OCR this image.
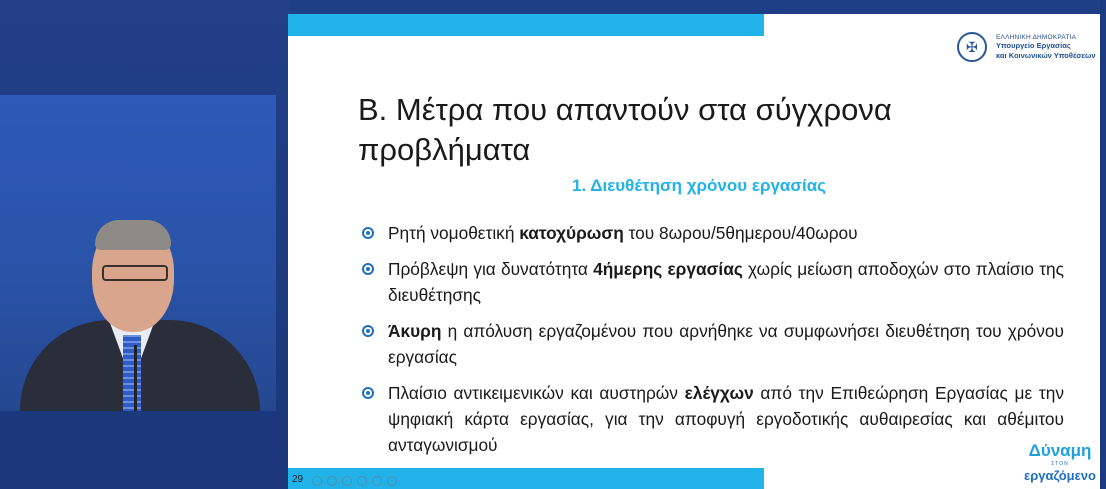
✠
ΕΛΛΗΝΙΚΗ ΔΗΜΟΚΡΑΤΙΑ
Υπουργείο Εργασίας
και Κοινωνικών Υποθέσεων
Β. Μέτρα που απαντούν στα σύγχρονα προβλήματα
1. Διευθέτηση χρόνου εργασίας
Ρητή νομοθετική κατοχύρωση του 8ωρου/5θημερου/40ωρου
Πρόβλεψη για δυνατότητα 4ήμερης εργασίας χωρίς μείωση αποδοχών στο πλαίσιο της διευθέτησης
Άκυρη η απόλυση εργαζομένου που αρνήθηκε να συμφωνήσει διευθέτηση του χρόνου εργασίας
Πλαίσιο αντικειμενικών και αυστηρών ελέγχων από την Επιθεώρηση Εργασίας με την ψηφιακή κάρτα εργασίας, για την αποφυγή εργοδοτικής αυθαιρεσίας και αθέμιτου ανταγωνισμού
29
Δύναμη
ΣΤΟΝ
εργαζόμενο
